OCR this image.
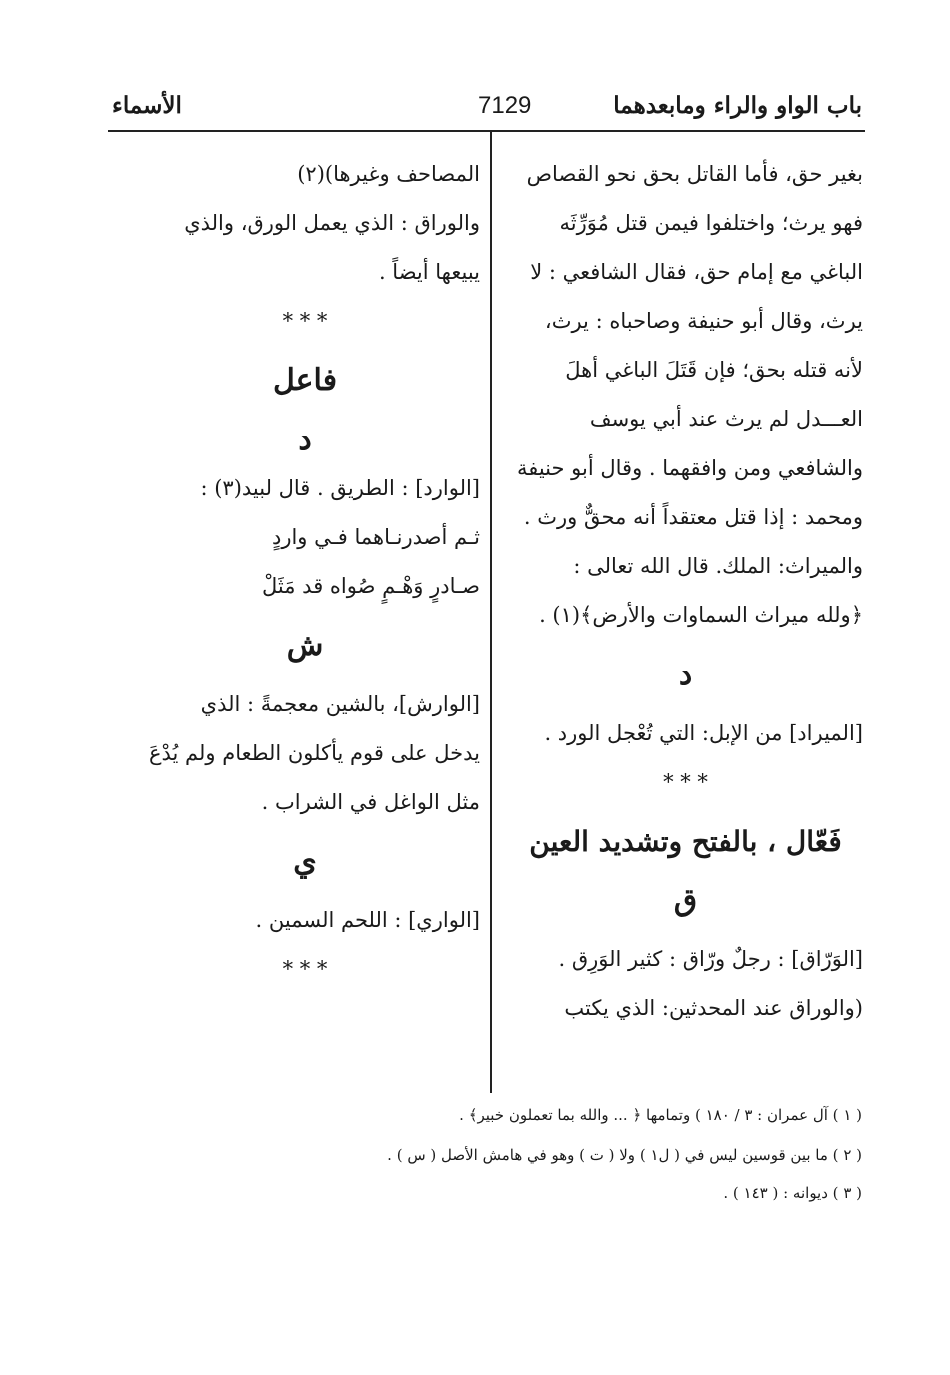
باب الواو والراء ومابعدهما
7129
الأسماء
بغير حق، فأما القاتل بحق نحو القصاص
فهو يرث؛ واختلفوا فيمن قتل مُوَرِّثَه
الباغي مع إمام حق، فقال الشافعي : لا
يرث، وقال أبو حنيفة وصاحباه : يرث،
لأنه قتله بحق؛ فإن قَتَلَ الباغي أهلَ
العـــدل لم يرث عند أبي يوسف
والشافعي ومن وافقهما . وقال أبو حنيفة
ومحمد : إذا قتل معتقداً أنه محقٌّ ورث .
والميراث: الملك. قال الله تعالى :
﴿ولله ميراث السماوات والأرض﴾(١) .
د
[الميراد] من الإبل: التي تُعْجل الورد .
* * *
فَعّال ، بالفتح وتشديد العين
ق
[الوَرّاق] : رجلٌ ورّاق : كثير الوَرِق .
(والوراق عند المحدثين: الذي يكتب
المصاحف وغيرها)(٢)
والوراق : الذي يعمل الورق، والذي
يبيعها أيضاً .
* * *
فاعل
د
[الوارد] : الطريق . قال لبيد(٣) :
ثـم أصدرنـاهما فـي واردٍ
صـادرٍ وَهْـمٍ صُواه قد مَثَلْ
ش
[الوارش]، بالشين معجمةً : الذي
يدخل على قوم يأكلون الطعام ولم يُدْعَ
مثل الواغل في الشراب .
ي
[الواري] : اللحم السمين .
* * *
( ١ ) آل عمران : ٣ / ١٨٠ ) وتمامها ﴿ ... والله بما تعملون خبير﴾ .
( ٢ ) ما بين قوسين ليس في ( ل١ ) ولا ( ت ) وهو في هامش الأصل ( س ) .
( ٣ ) ديوانه : ( ١٤٣ ) .
